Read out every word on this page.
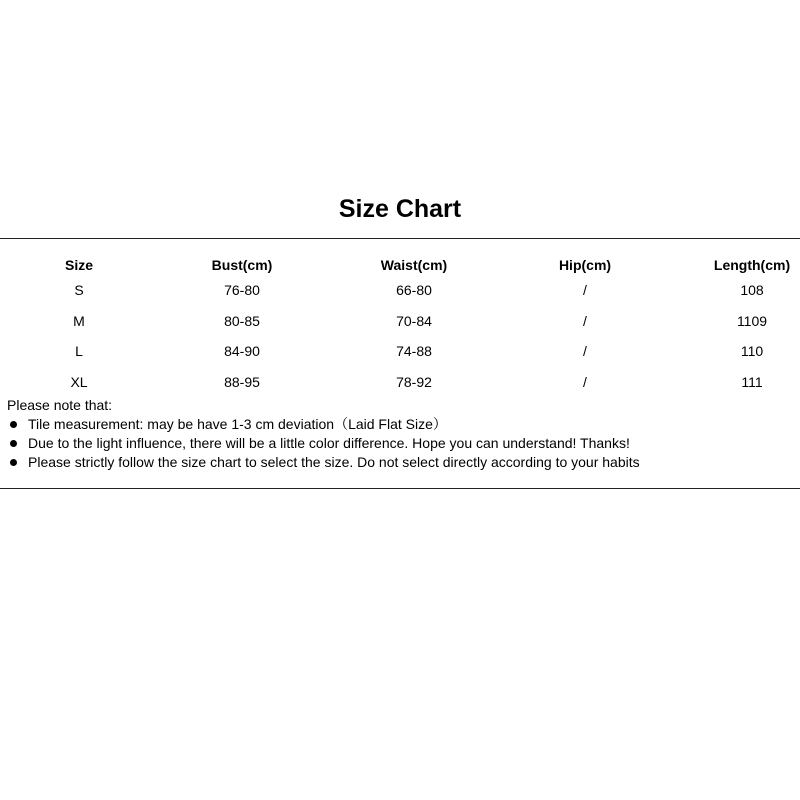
Size Chart
Size	Bust(cm)	Waist(cm)	Hip(cm)	Length(cm)
S	76-80	66-80	/	108
M	80-85	70-84	/	1109
L	84-90	74-88	/	110
XL	88-95	78-92	/	111
Please note that:
Tile measurement: may be have 1-3 cm deviation（Laid Flat Size）
Due to the light influence, there will be a little color difference. Hope you can understand! Thanks!
Please strictly follow the size chart to select the size. Do not select directly according to your habits
